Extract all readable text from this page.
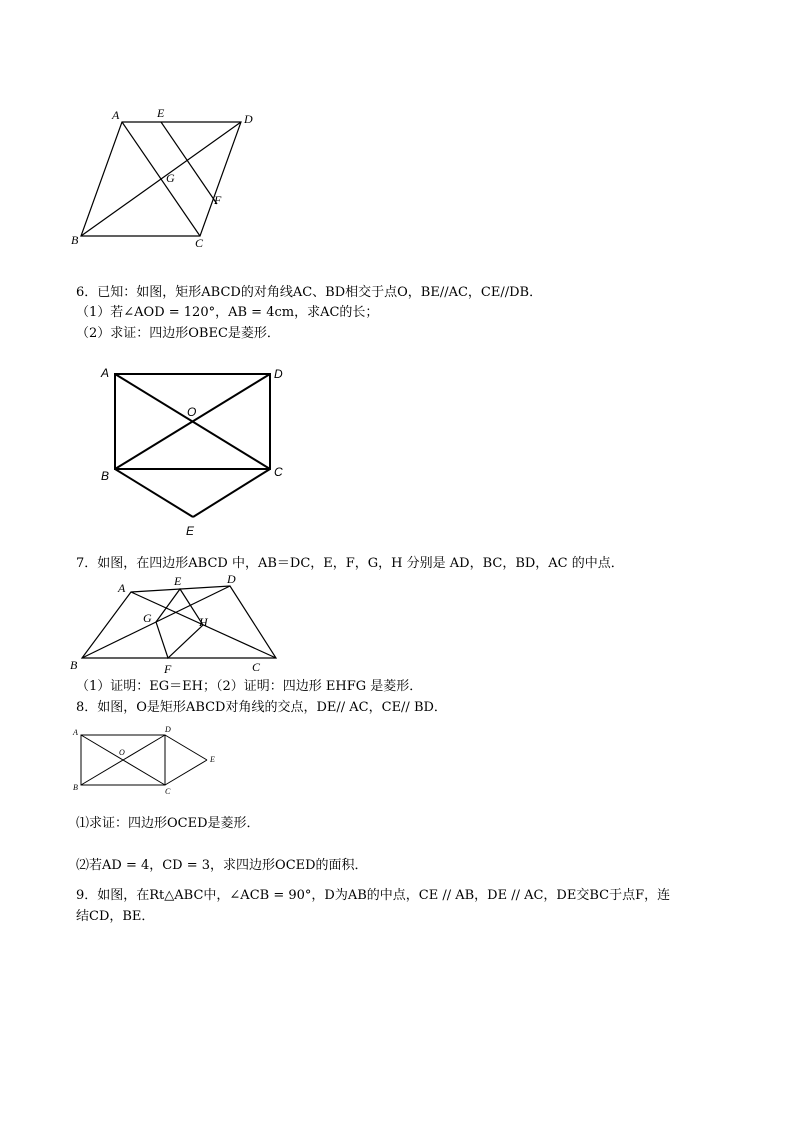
A	E	D
G
F
B	C
6．已知：如图，矩形ABCD的对角线AC、BD相交于点O，BE//AC，CE//DB．
（1）若∠AOD = 120°，AB = 4cm，求AC的长；
（2）求证：四边形OBEC是菱形．
A	D
O
B	C
E
7．如图，在四边形ABCD 中，AB＝DC，E，F，G，H 分别是 AD，BC，BD，AC 的中点．
A	E	D
G	H
B	F	C
（1）证明：EG＝EH；（2）证明：四边形 EHFG 是菱形．
8．如图，O是矩形ABCD对角线的交点，DE// AC，CE// BD．
A	D
O
E
B	C
⑴求证：四边形OCED是菱形．
⑵若AD = 4，CD = 3，求四边形OCED的面积．
9．如图，在Rt△ABC中，∠ACB = 90°，D为AB的中点，CE // AB，DE // AC，DE交BC于点F，连
结CD，BE．
